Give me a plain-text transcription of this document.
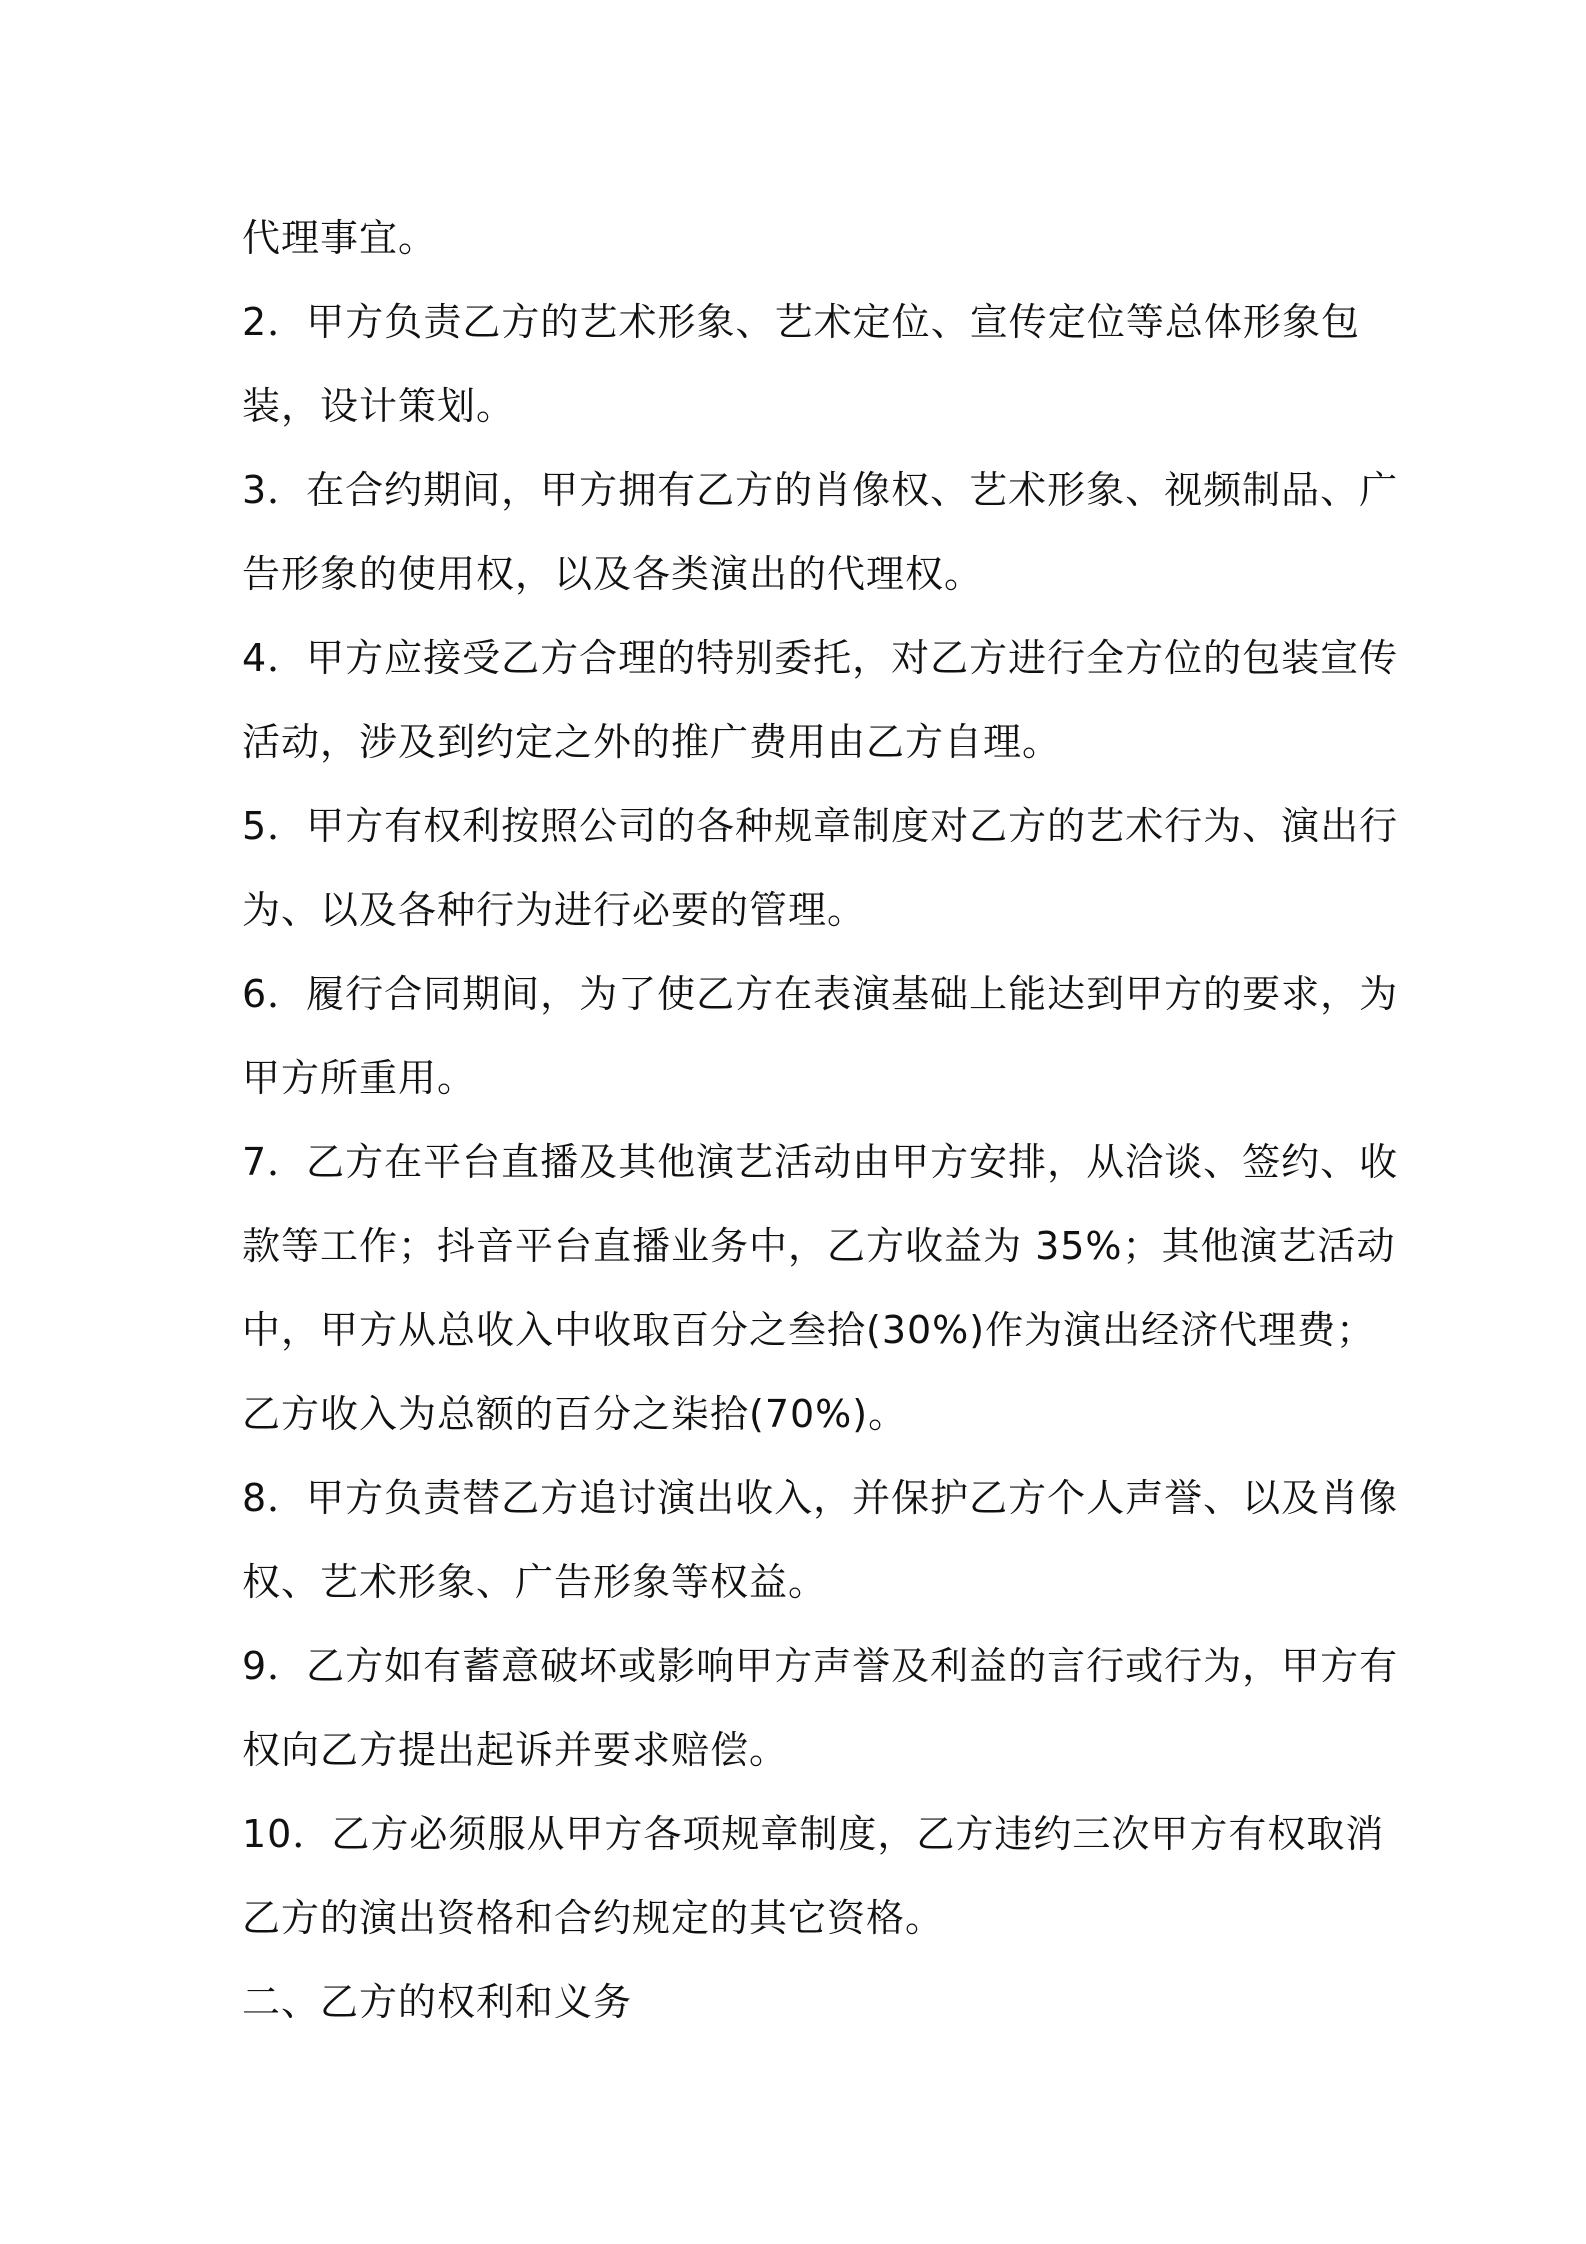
代理事宜。
2．甲方负责乙方的艺术形象、艺术定位、宣传定位等总体形象包
装，设计策划。
3．在合约期间，甲方拥有乙方的肖像权、艺术形象、视频制品、广
告形象的使用权，以及各类演出的代理权。
4．甲方应接受乙方合理的特别委托，对乙方进行全方位的包装宣传
活动，涉及到约定之外的推广费用由乙方自理。
5．甲方有权利按照公司的各种规章制度对乙方的艺术行为、演出行
为、以及各种行为进行必要的管理。
6．履行合同期间，为了使乙方在表演基础上能达到甲方的要求，为
甲方所重用。
7．乙方在平台直播及其他演艺活动由甲方安排，从洽谈、签约、收
款等工作；抖音平台直播业务中，乙方收益为 35%；其他演艺活动
中，甲方从总收入中收取百分之叁拾(30%)作为演出经济代理费；
乙方收入为总额的百分之柒拾(70%)。
8．甲方负责替乙方追讨演出收入，并保护乙方个人声誉、以及肖像
权、艺术形象、广告形象等权益。
9．乙方如有蓄意破坏或影响甲方声誉及利益的言行或行为，甲方有
权向乙方提出起诉并要求赔偿。
10．乙方必须服从甲方各项规章制度，乙方违约三次甲方有权取消
乙方的演出资格和合约规定的其它资格。
二、乙方的权利和义务
